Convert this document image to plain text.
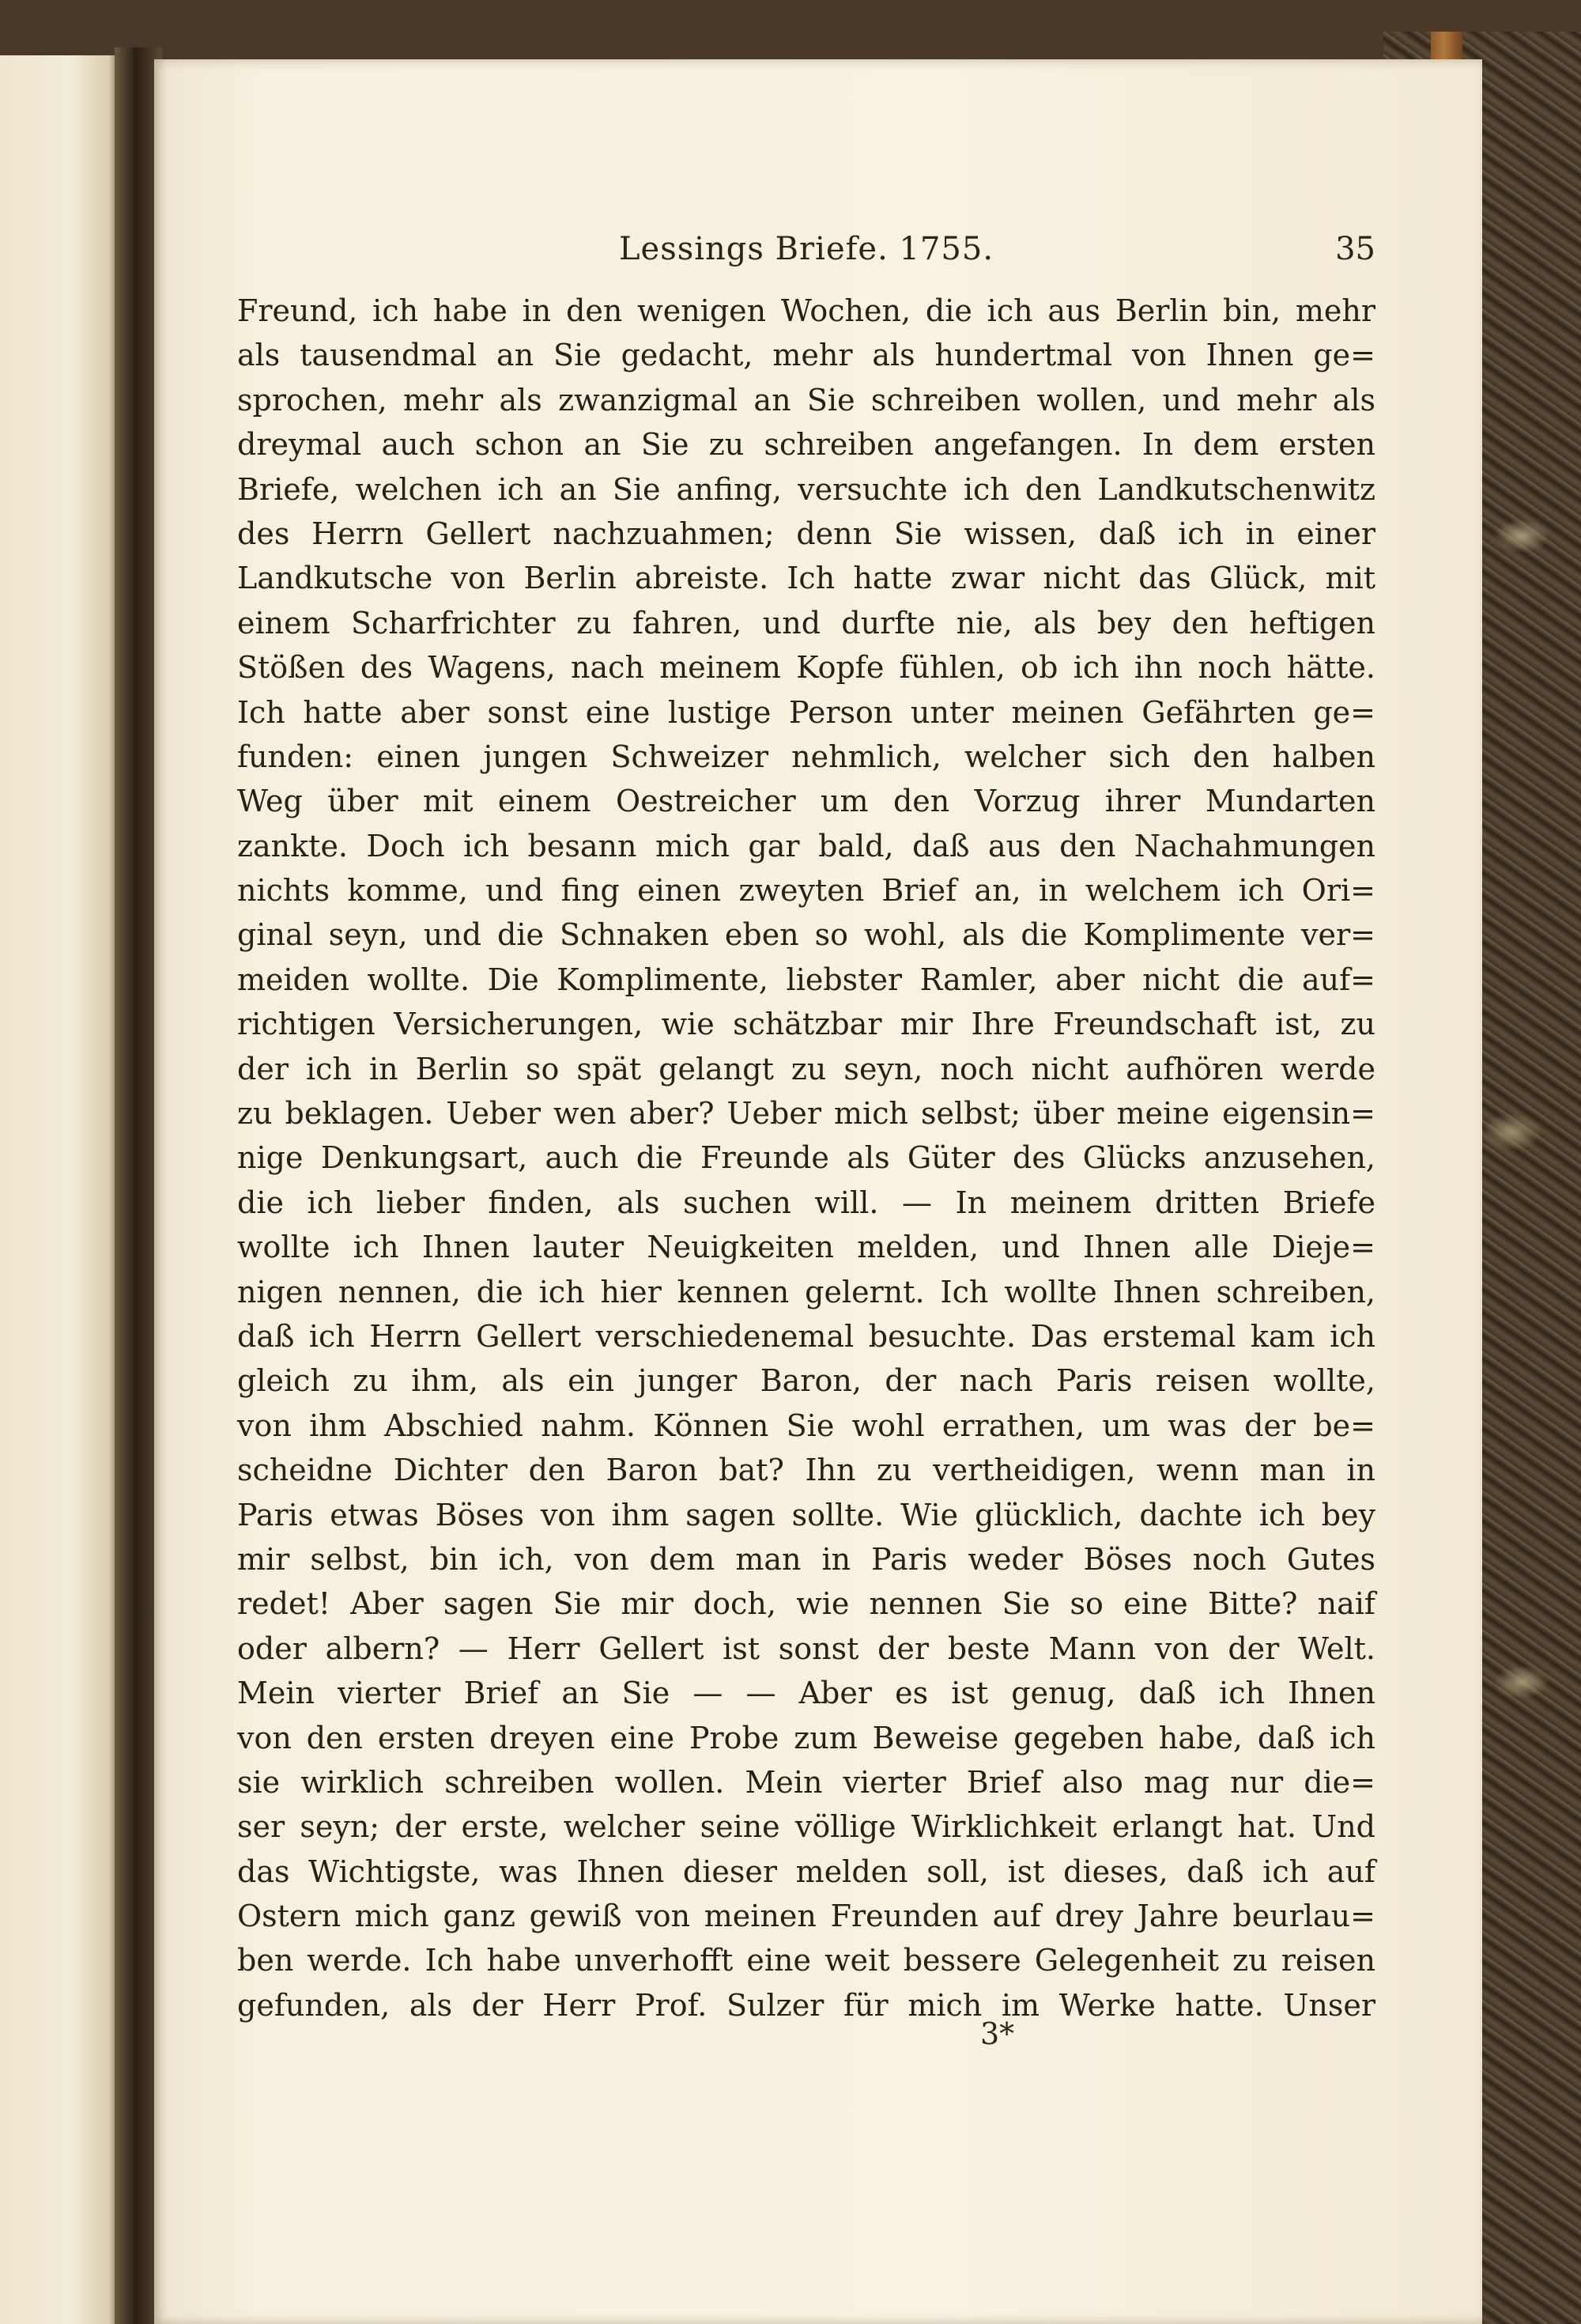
Lessings Briefe. 1755.	35
Freund, ich habe in den wenigen Wochen, die ich aus Berlin bin, mehr
als tausendmal an Sie gedacht, mehr als hundertmal von Ihnen ge=
sprochen, mehr als zwanzigmal an Sie schreiben wollen, und mehr als
dreymal auch schon an Sie zu schreiben angefangen. In dem ersten
Briefe, welchen ich an Sie anfing, versuchte ich den Landkutschenwitz
des Herrn Gellert nachzuahmen; denn Sie wissen, daß ich in einer
Landkutsche von Berlin abreiste. Ich hatte zwar nicht das Glück, mit
einem Scharfrichter zu fahren, und durfte nie, als bey den heftigen
Stößen des Wagens, nach meinem Kopfe fühlen, ob ich ihn noch hätte.
Ich hatte aber sonst eine lustige Person unter meinen Gefährten ge=
funden: einen jungen Schweizer nehmlich, welcher sich den halben
Weg über mit einem Oestreicher um den Vorzug ihrer Mundarten
zankte. Doch ich besann mich gar bald, daß aus den Nachahmungen
nichts komme, und fing einen zweyten Brief an, in welchem ich Ori=
ginal seyn, und die Schnaken eben so wohl, als die Komplimente ver=
meiden wollte. Die Komplimente, liebster Ramler, aber nicht die auf=
richtigen Versicherungen, wie schätzbar mir Ihre Freundschaft ist, zu
der ich in Berlin so spät gelangt zu seyn, noch nicht aufhören werde
zu beklagen. Ueber wen aber? Ueber mich selbst; über meine eigensin=
nige Denkungsart, auch die Freunde als Güter des Glücks anzusehen,
die ich lieber finden, als suchen will. — In meinem dritten Briefe
wollte ich Ihnen lauter Neuigkeiten melden, und Ihnen alle Dieje=
nigen nennen, die ich hier kennen gelernt. Ich wollte Ihnen schreiben,
daß ich Herrn Gellert verschiedenemal besuchte. Das erstemal kam ich
gleich zu ihm, als ein junger Baron, der nach Paris reisen wollte,
von ihm Abschied nahm. Können Sie wohl errathen, um was der be=
scheidne Dichter den Baron bat? Ihn zu vertheidigen, wenn man in
Paris etwas Böses von ihm sagen sollte. Wie glücklich, dachte ich bey
mir selbst, bin ich, von dem man in Paris weder Böses noch Gutes
redet! Aber sagen Sie mir doch, wie nennen Sie so eine Bitte? naif
oder albern? — Herr Gellert ist sonst der beste Mann von der Welt.
Mein vierter Brief an Sie — — Aber es ist genug, daß ich Ihnen
von den ersten dreyen eine Probe zum Beweise gegeben habe, daß ich
sie wirklich schreiben wollen. Mein vierter Brief also mag nur die=
ser seyn; der erste, welcher seine völlige Wirklichkeit erlangt hat. Und
das Wichtigste, was Ihnen dieser melden soll, ist dieses, daß ich auf
Ostern mich ganz gewiß von meinen Freunden auf drey Jahre beurlau=
ben werde. Ich habe unverhofft eine weit bessere Gelegenheit zu reisen
gefunden, als der Herr Prof. Sulzer für mich im Werke hatte. Unser
3*
